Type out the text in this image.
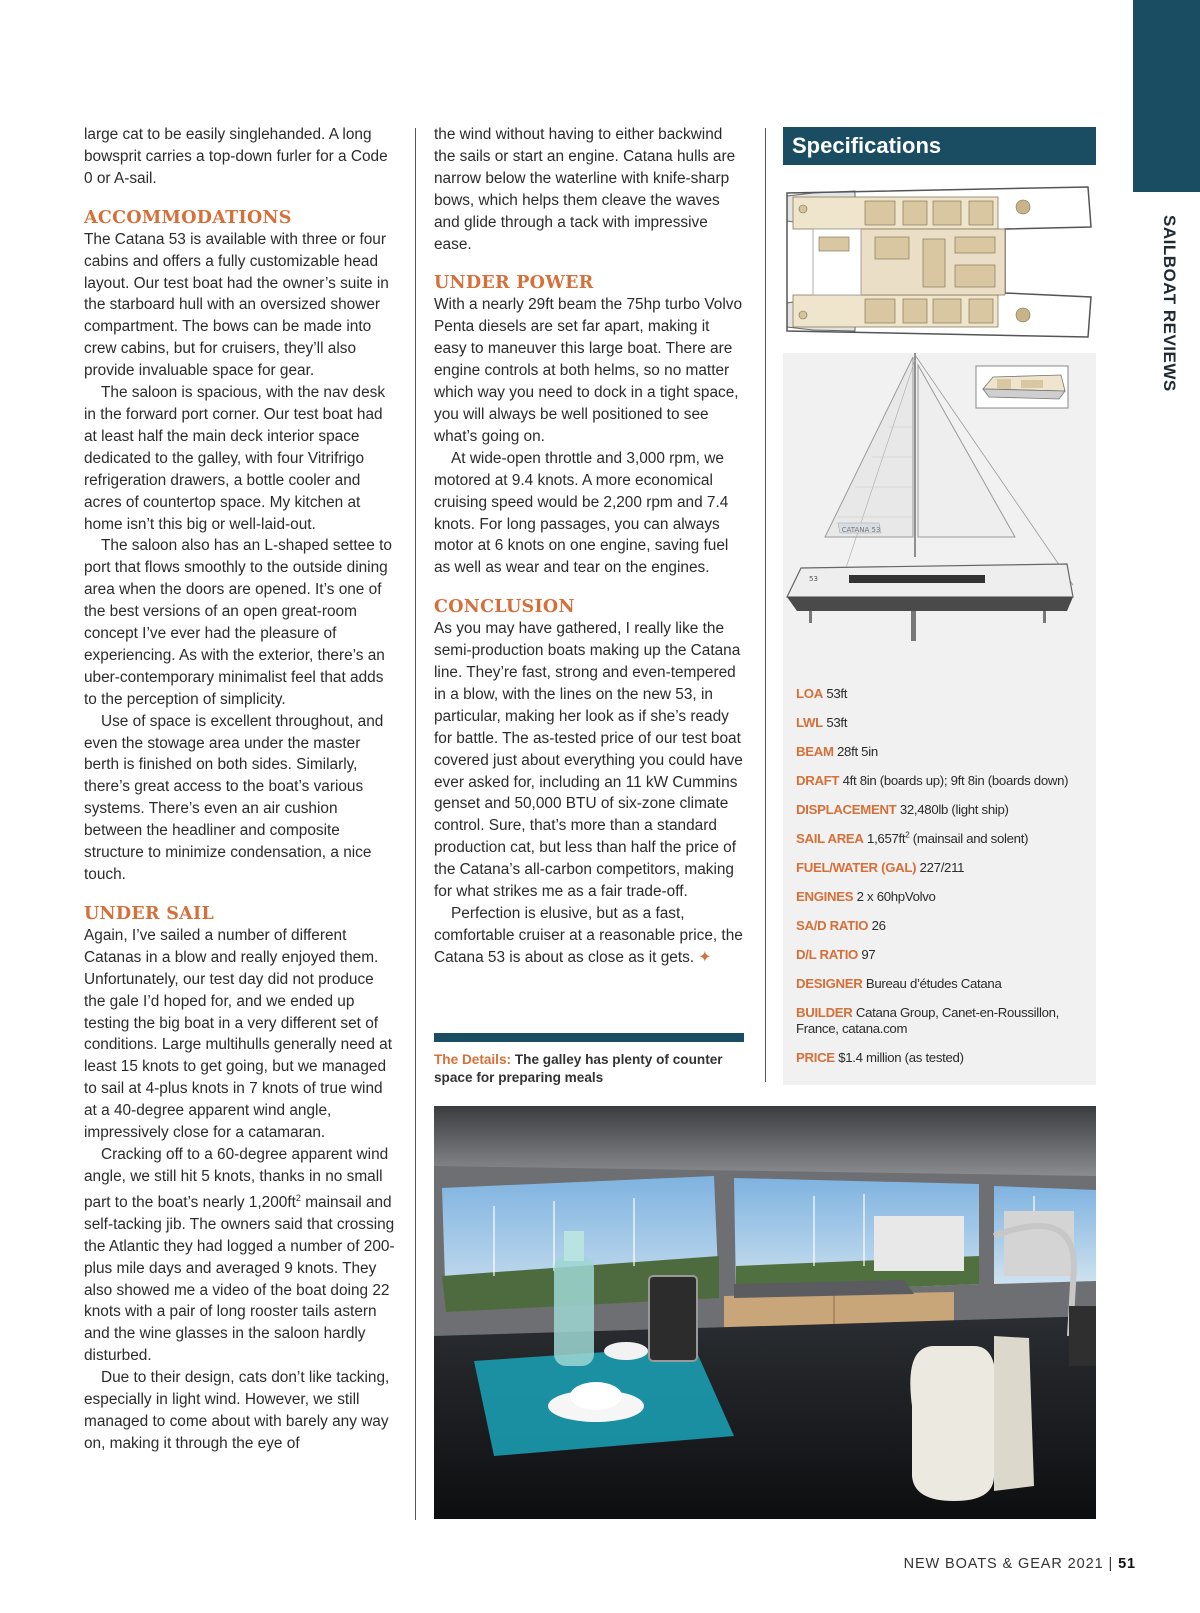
SAILBOAT REVIEWS

large cat to be easily singlehanded. A long bowsprit carries a top-down furler for a Code 0 or A-sail.

ACCOMMODATIONS

The Catana 53 is available with three or four cabins and offers a fully customizable head layout. Our test boat had the owner’s suite in the starboard hull with an oversized shower compartment. The bows can be made into crew cabins, but for cruisers, they’ll also provide invaluable space for gear.

The saloon is spacious, with the nav desk in the forward port corner. Our test boat had at least half the main deck interior space dedicated to the galley, with four Vitrifrigo refrigeration drawers, a bottle cooler and acres of countertop space. My kitchen at home isn’t this big or well-laid-out.

The saloon also has an L-shaped settee to port that flows smoothly to the outside dining area when the doors are opened. It’s one of the best versions of an open great-room concept I’ve ever had the pleasure of experiencing. As with the exterior, there’s an uber-contemporary minimalist feel that adds to the perception of simplicity.

Use of space is excellent throughout, and even the stowage area under the master berth is finished on both sides. Similarly, there’s great access to the boat’s various systems. There’s even an air cushion between the headliner and composite structure to minimize condensation, a nice touch.

UNDER SAIL

Again, I’ve sailed a number of different Catanas in a blow and really enjoyed them. Unfortunately, our test day did not produce the gale I’d hoped for, and we ended up testing the big boat in a very different set of conditions. Large multihulls generally need at least 15 knots to get going, but we managed to sail at 4-plus knots in 7 knots of true wind at a 40-degree apparent wind angle, impressively close for a catamaran.

Cracking off to a 60-degree apparent wind angle, we still hit 5 knots, thanks in no small part to the boat’s nearly $1,200ft^2$ mainsail and self-tacking jib. The owners said that crossing the Atlantic they had logged a number of 200-plus mile days and averaged 9 knots. They also showed me a video of the boat doing 22 knots with a pair of long rooster tails astern and the wine glasses in the saloon hardly disturbed.

Due to their design, cats don’t like tacking, especially in light wind. However, we still managed to come about with barely any way on, making it through the eye of

the wind without having to either backwind the sails or start an engine. Catana hulls are narrow below the waterline with knife-sharp bows, which helps them cleave the waves and glide through a tack with impressive ease.

UNDER POWER

With a nearly 29ft beam the 75hp turbo Volvo Penta diesels are set far apart, making it easy to maneuver this large boat. There are engine controls at both helms, so no matter which way you need to dock in a tight space, you will always be well positioned to see what’s going on.

At wide-open throttle and 3,000 rpm, we motored at 9.4 knots. A more economical cruising speed would be 2,200 rpm and 7.4 knots. For long passages, you can always motor at 6 knots on one engine, saving fuel as well as wear and tear on the engines.

CONCLUSION

As you may have gathered, I really like the semi-production boats making up the Catana line. They’re fast, strong and even-tempered in a blow, with the lines on the new 53, in particular, making her look as if she’s ready for battle. The as-tested price of our test boat covered just about everything you could have ever asked for, including an 11 kW Cummins genset and 50,000 BTU of six-zone climate control. Sure, that’s more than a standard production cat, but less than half the price of the Catana’s all-carbon competitors, making for what strikes me as a fair trade-off.

Perfection is elusive, but as a fast, comfortable cruiser at a reasonable price, the Catana 53 is about as close as it gets. ✦

The Details: The galley has plenty of counter space for preparing meals
Specifications
CATANA 53
53
LOA 53ft
LWL 53ft
BEAM 28ft 5in
DRAFT 4ft 8in (boards up); 9ft 8in (boards down)
DISPLACEMENT 32,480lb (light ship)
SAIL AREA $1,657ft^2$ (mainsail and solent)
FUEL/WATER (GAL) 227/211
ENGINES 2 x 60hpVolvo
SA/D RATIO 26
D/L RATIO 97
DESIGNER Bureau d’études Catana
BUILDER Catana Group, Canet-en-Roussillon, France, catana.com
PRICE $1.4 million (as tested)
NEW BOATS & GEAR 2021 | 51
